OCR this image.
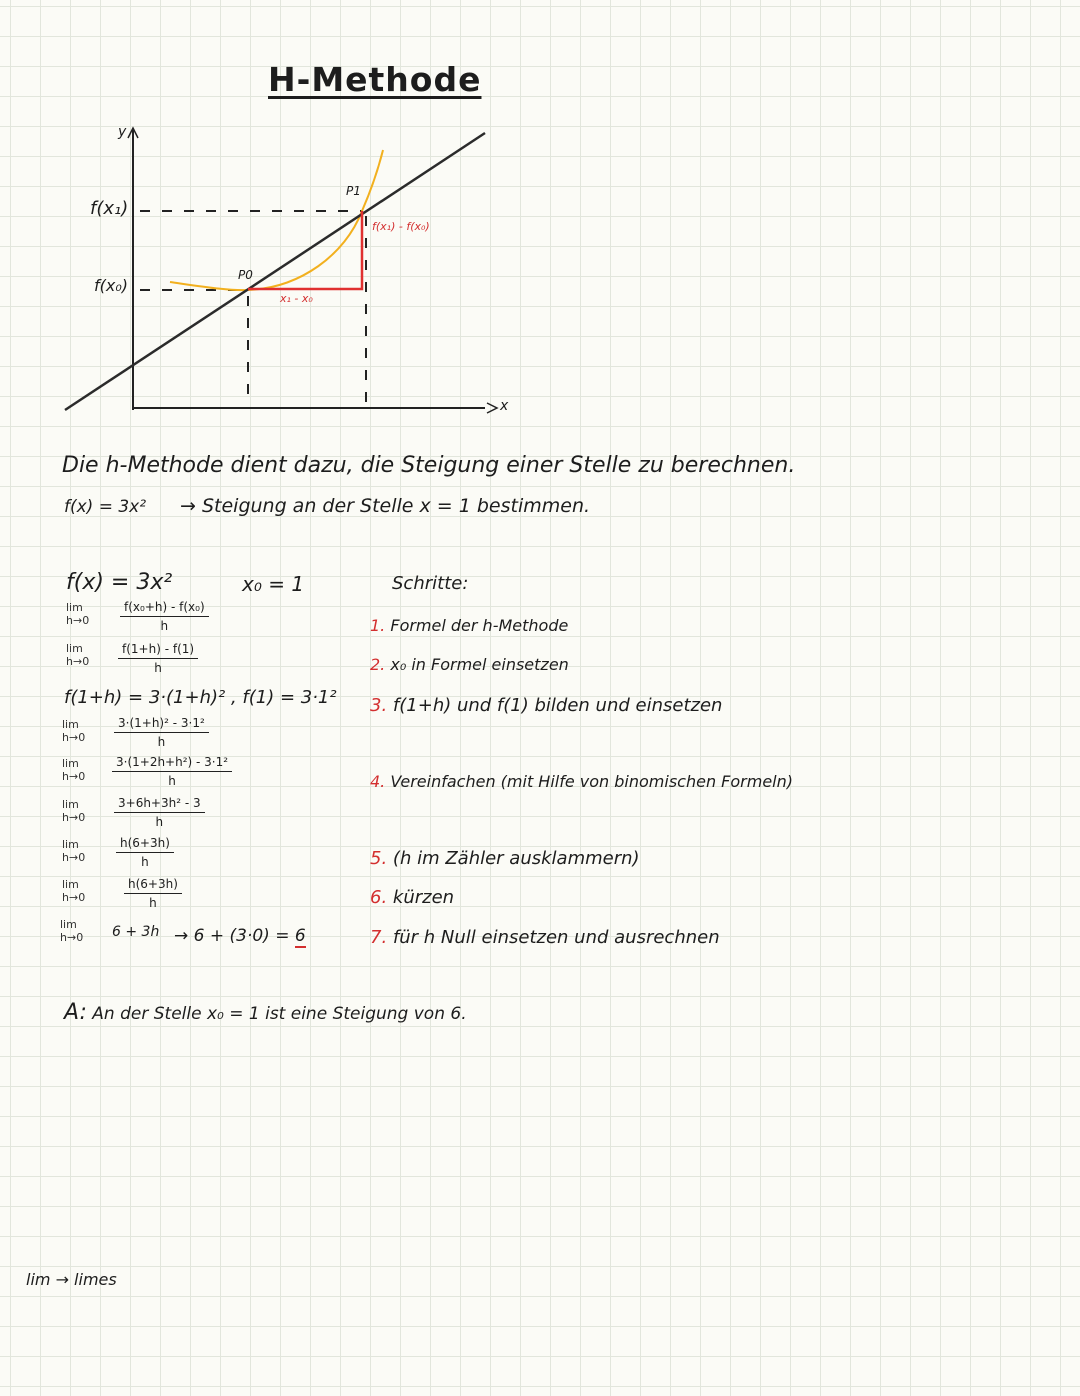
H-Methode
y
x
f(x₁)
f(x₀)
P0
P1
f(x₁) - f(x₀)
x₁ - x₀
Die h-Methode dient dazu, die Steigung einer Stelle zu berechnen.
f(x) = 3x² → Steigung an der Stelle x = 1 bestimmen.
f(x) = 3x²	x₀ = 1
lim
h→0	$\frac{\text{f(x₀+h) - f(x₀)}}{h}$
lim
$h\to 0 \frac{f(1+h) - f(1)}{h}$
f(1+h) = 3·(1+h)² , f(1) = 3·1²
lim
$h\to 0 \frac{\text{3·(1+h)² - 3·1²}}{h}$
lim
$h\to 0 \frac{\text{3·(1+2h+h²) - 3·1²}}{h}$
lim
$h\to 0 \frac{\text{3+6h+3h² - 3}}{h}$
lim
h→0	$\frac{h(6+3h)}{h}$
lim
h→0	$\frac{h(6+3h)}{h}$
lim
h→0 6 + 3h → 6 + (3·0) = 6
Schritte:
1. Formel der h-Methode
2. x₀ in Formel einsetzen
3. f(1+h) und f(1) bilden und einsetzen
4. Vereinfachen (mit Hilfe von binomischen Formeln)
5. (h im Zähler ausklammern)
6. kürzen
7. für h Null einsetzen und ausrechnen
A: An der Stelle x₀ = 1 ist eine Steigung von 6.
lim → limes
